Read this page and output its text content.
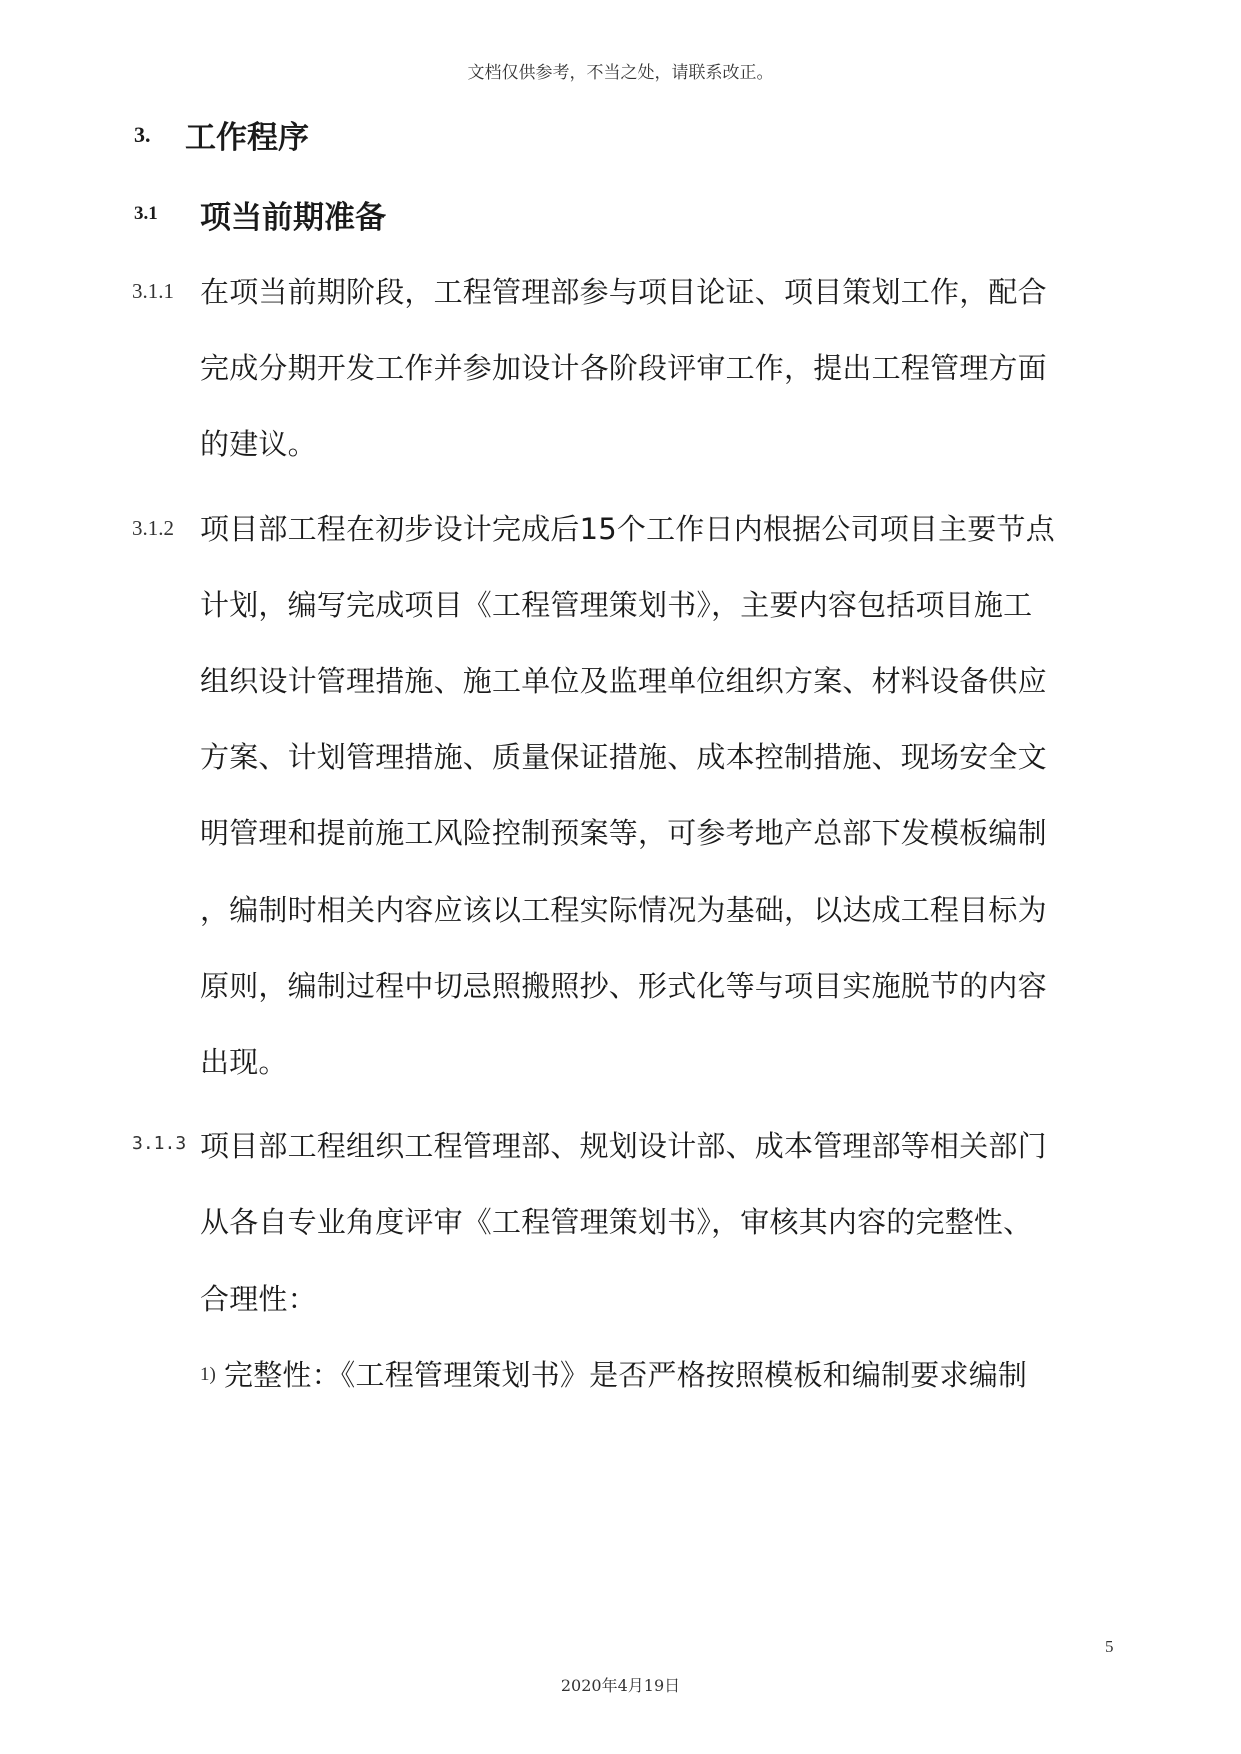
文档仅供参考，不当之处，请联系改正。
3. 工作程序
3.1 项当前期准备
3.1.1 在项当前期阶段，工程管理部参与项目论证、项目策划工作，配合
完成分期开发工作并参加设计各阶段评审工作，提出工程管理方面
的建议。
3.1.2 项目部工程在初步设计完成后15个工作日内根据公司项目主要节点
计划，编写完成项目《工程管理策划书》，主要内容包括项目施工
组织设计管理措施、施工单位及监理单位组织方案、材料设备供应
方案、计划管理措施、质量保证措施、成本控制措施、现场安全文
明管理和提前施工风险控制预案等，可参考地产总部下发模板编制
，编制时相关内容应该以工程实际情况为基础，以达成工程目标为
原则，编制过程中切忌照搬照抄、形式化等与项目实施脱节的内容
出现。
3.1.3 项目部工程组织工程管理部、规划设计部、成本管理部等相关部门
从各自专业角度评审《工程管理策划书》，审核其内容的完整性、
合理性：
1) 完整性：《工程管理策划书》是否严格按照模板和编制要求编制
5
2020年4月19日
